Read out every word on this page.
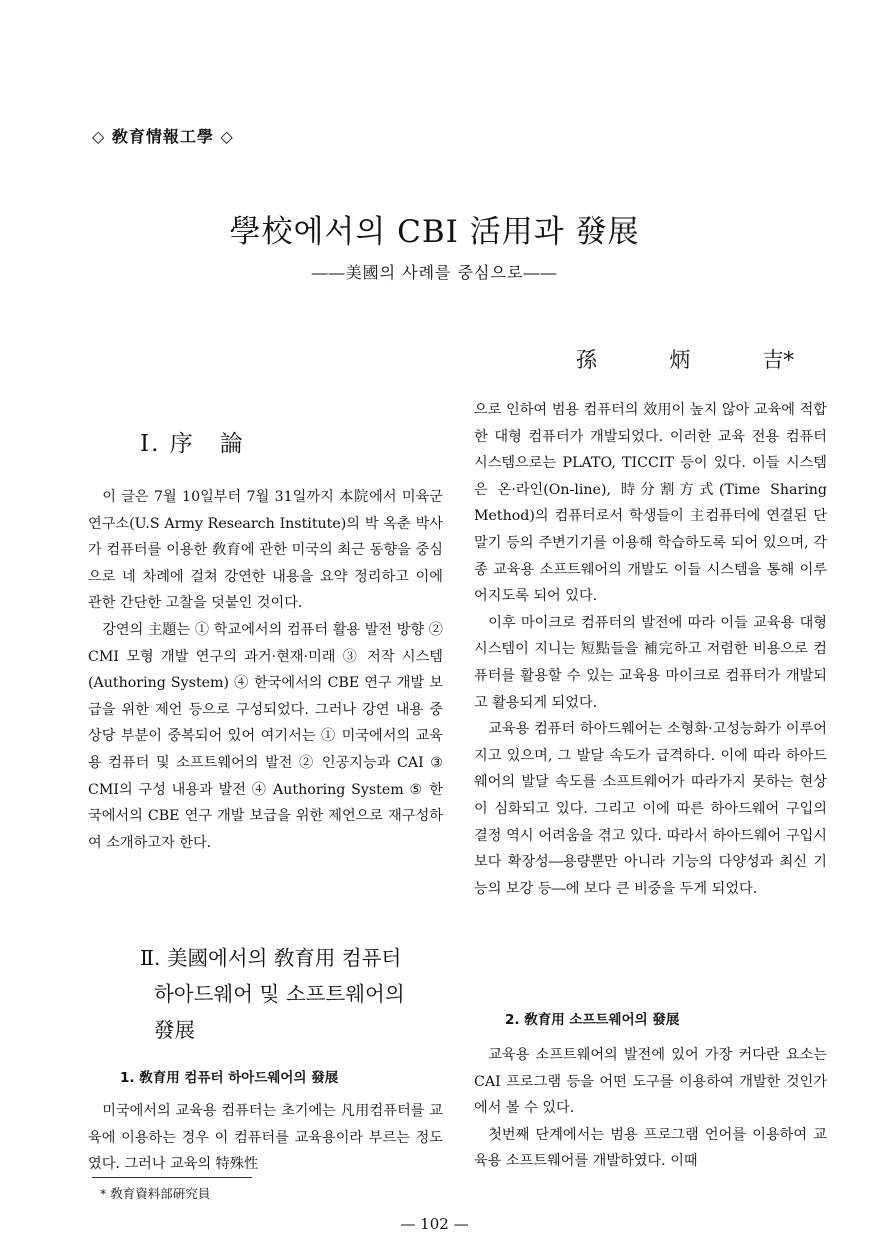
◇ 敎育情報工學 ◇
學校에서의 CBI 活用과 發展
――美國의 사례를 중심으로――
孫	炳	吉*
Ⅰ. 序　論

이 글은 7월 10일부터 7월 31일까지 本院에서 미육군연구소(U.S Army Research Institute)의 박 옥춘 박사가 컴퓨터를 이용한 敎育에 관한 미국의 최근 동향을 중심으로 네 차례에 걸쳐 강연한 내용을 요약 정리하고 이에 관한 간단한 고찰을 덧붙인 것이다.

강연의 主題는 ① 학교에서의 컴퓨터 활용 발전 방향 ② CMI 모형 개발 연구의 과거·현재·미래 ③ 저작 시스템(Authoring System) ④ 한국에서의 CBE 연구 개발 보급을 위한 제언 등으로 구성되었다. 그러나 강연 내용 중 상당 부분이 중복되어 있어 여기서는 ① 미국에서의 교육용 컴퓨터 및 소프트웨어의 발전 ② 인공지능과 CAI ③ CMI의 구성 내용과 발전 ④ Authoring System ⑤ 한국에서의 CBE 연구 개발 보급을 위한 제언으로 재구성하여 소개하고자 한다.

Ⅱ. 美國에서의 敎育用 컴퓨터
하아드웨어 및 소프트웨어의
發展
1. 敎育用 컴퓨터 하아드웨어의 發展

미국에서의 교육용 컴퓨터는 초기에는 凡用컴퓨터를 교육에 이용하는 경우 이 컴퓨터를 교육용이라 부르는 정도였다. 그러나 교육의 特殊性

으로 인하여 범용 컴퓨터의 效用이 높지 않아 교육에 적합한 대형 컴퓨터가 개발되었다. 이러한 교육 전용 컴퓨터 시스템으로는 PLATO, TICCIT 등이 있다. 이들 시스템은 온·라인(On-line), 時分割方式(Time Sharing Method)의 컴퓨터로서 학생들이 主컴퓨터에 연결된 단말기 등의 주변기기를 이용해 학습하도록 되어 있으며, 각종 교육용 소프트웨어의 개발도 이들 시스템을 통해 이루어지도록 되어 있다.

이후 마이크로 컴퓨터의 발전에 따라 이들 교육용 대형 시스템이 지니는 短點들을 補完하고 저렴한 비용으로 컴퓨터를 활용할 수 있는 교육용 마이크로 컴퓨터가 개발되고 활용되게 되었다.

교육용 컴퓨터 하아드웨어는 소형화·고성능화가 이루어지고 있으며, 그 발달 속도가 급격하다. 이에 따라 하아드웨어의 발달 속도를 소프트웨어가 따라가지 못하는 현상이 심화되고 있다. 그리고 이에 따른 하아드웨어 구입의 결정 역시 어려움을 겪고 있다. 따라서 하아드웨어 구입시보다 확장성―용량뿐만 아니라 기능의 다양성과 최신 기능의 보강 등―에 보다 큰 비중을 두게 되었다.

2. 敎育用 소프트웨어의 發展

교육용 소프트웨어의 발전에 있어 가장 커다란 요소는 CAI 프로그램 등을 어떤 도구를 이용하여 개발한 것인가에서 볼 수 있다.

첫번째 단계에서는 범용 프로그램 언어를 이용하여 교육용 소프트웨어를 개발하였다. 이때

* 敎育資料部硏究員
— 102 —
